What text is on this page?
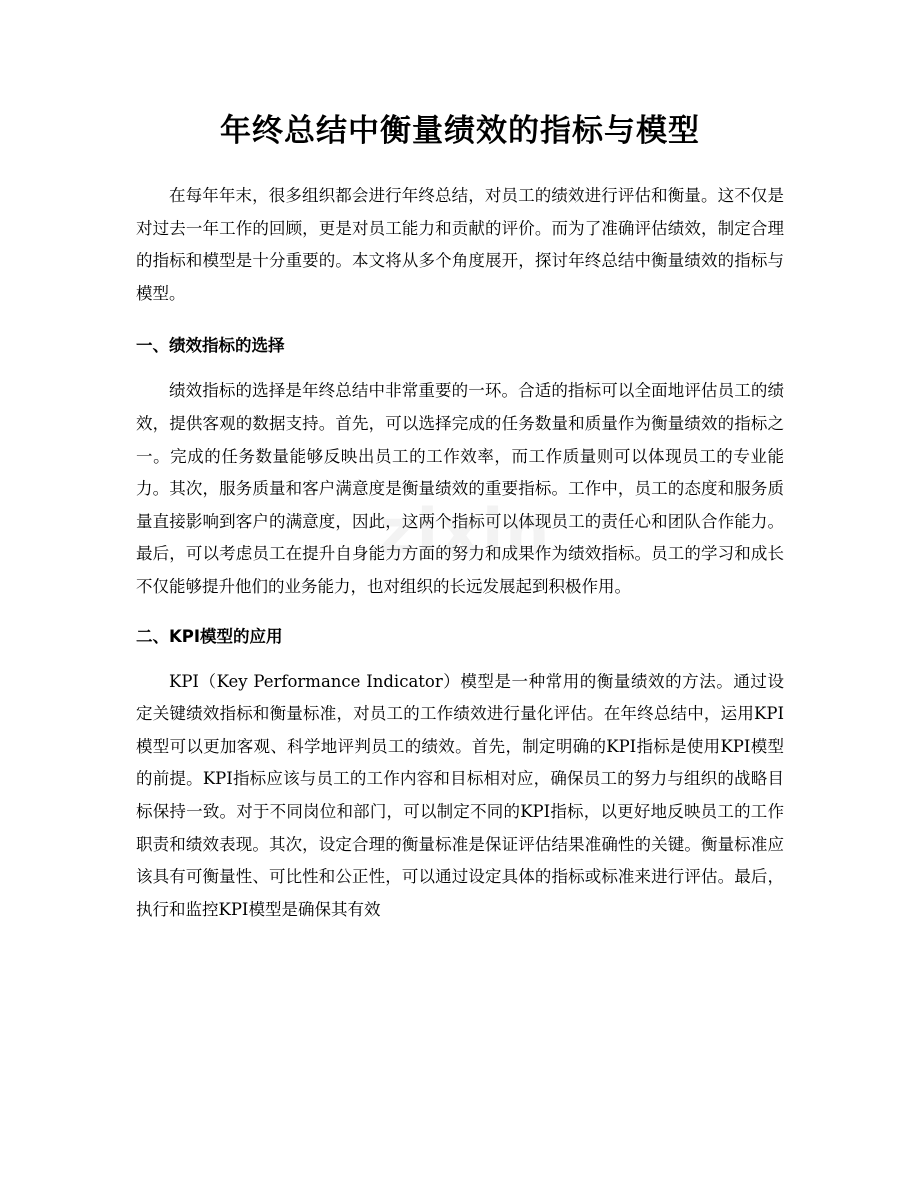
年终总结中衡量绩效的指标与模型

在每年年末，很多组织都会进行年终总结，对员工的绩效进行评估和衡量。这不仅是对过去一年工作的回顾，更是对员工能力和贡献的评价。而为了准确评估绩效，制定合理的指标和模型是十分重要的。本文将从多个角度展开，探讨年终总结中衡量绩效的指标与模型。

一、绩效指标的选择

绩效指标的选择是年终总结中非常重要的一环。合适的指标可以全面地评估员工的绩效，提供客观的数据支持。首先，可以选择完成的任务数量和质量作为衡量绩效的指标之一。完成的任务数量能够反映出员工的工作效率，而工作质量则可以体现员工的专业能力。其次，服务质量和客户满意度是衡量绩效的重要指标。工作中，员工的态度和服务质量直接影响到客户的满意度，因此，这两个指标可以体现员工的责任心和团队合作能力。最后，可以考虑员工在提升自身能力方面的努力和成果作为绩效指标。员工的学习和成长不仅能够提升他们的业务能力，也对组织的长远发展起到积极作用。

二、KPI模型的应用

KPI（Key Performance Indicator）模型是一种常用的衡量绩效的方法。通过设定关键绩效指标和衡量标准，对员工的工作绩效进行量化评估。在年终总结中，运用KPI模型可以更加客观、科学地评判员工的绩效。首先，制定明确的KPI指标是使用KPI模型的前提。KPI指标应该与员工的工作内容和目标相对应，确保员工的努力与组织的战略目标保持一致。对于不同岗位和部门，可以制定不同的KPI指标，以更好地反映员工的工作职责和绩效表现。其次，设定合理的衡量标准是保证评估结果准确性的关键。衡量标准应该具有可衡量性、可比性和公正性，可以通过设定具体的指标或标准来进行评估。最后，执行和监控KPI模型是确保其有效

zixin
